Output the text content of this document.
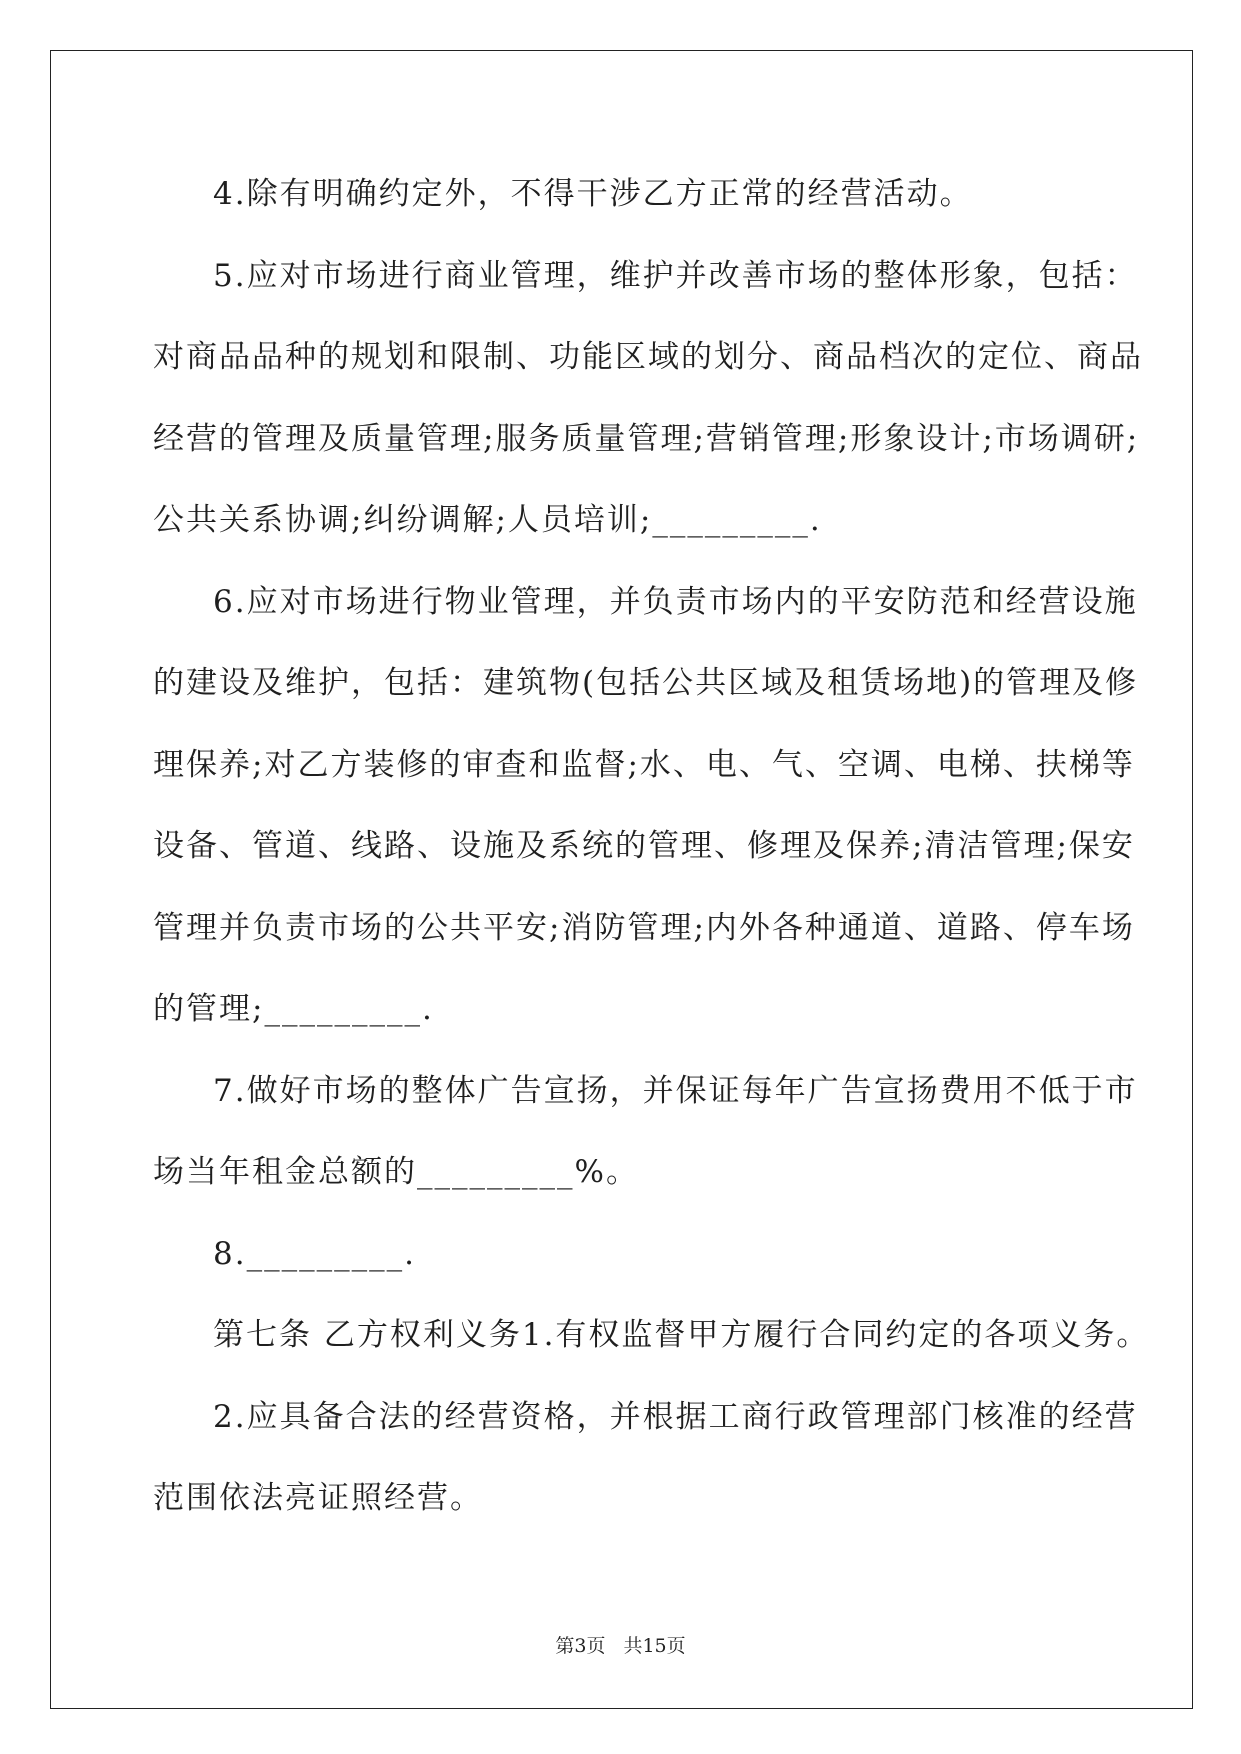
4.除有明确约定外，不得干涉乙方正常的经营活动。
5.应对市场进行商业管理，维护并改善市场的整体形象，包括：
对商品品种的规划和限制、功能区域的划分、商品档次的定位、商品
经营的管理及质量管理;服务质量管理;营销管理;形象设计;市场调研;
公共关系协调;纠纷调解;人员培训;_________.
6.应对市场进行物业管理，并负责市场内的平安防范和经营设施
的建设及维护，包括：建筑物(包括公共区域及租赁场地)的管理及修
理保养;对乙方装修的审查和监督;水、电、气、空调、电梯、扶梯等
设备、管道、线路、设施及系统的管理、修理及保养;清洁管理;保安
管理并负责市场的公共平安;消防管理;内外各种通道、道路、停车场
的管理;_________.
7.做好市场的整体广告宣扬，并保证每年广告宣扬费用不低于市
场当年租金总额的_________%。
8._________.
第七条 乙方权利义务1.有权监督甲方履行合同约定的各项义务。
2.应具备合法的经营资格，并根据工商行政管理部门核准的经营
范围依法亮证照经营。
第3页 共15页
